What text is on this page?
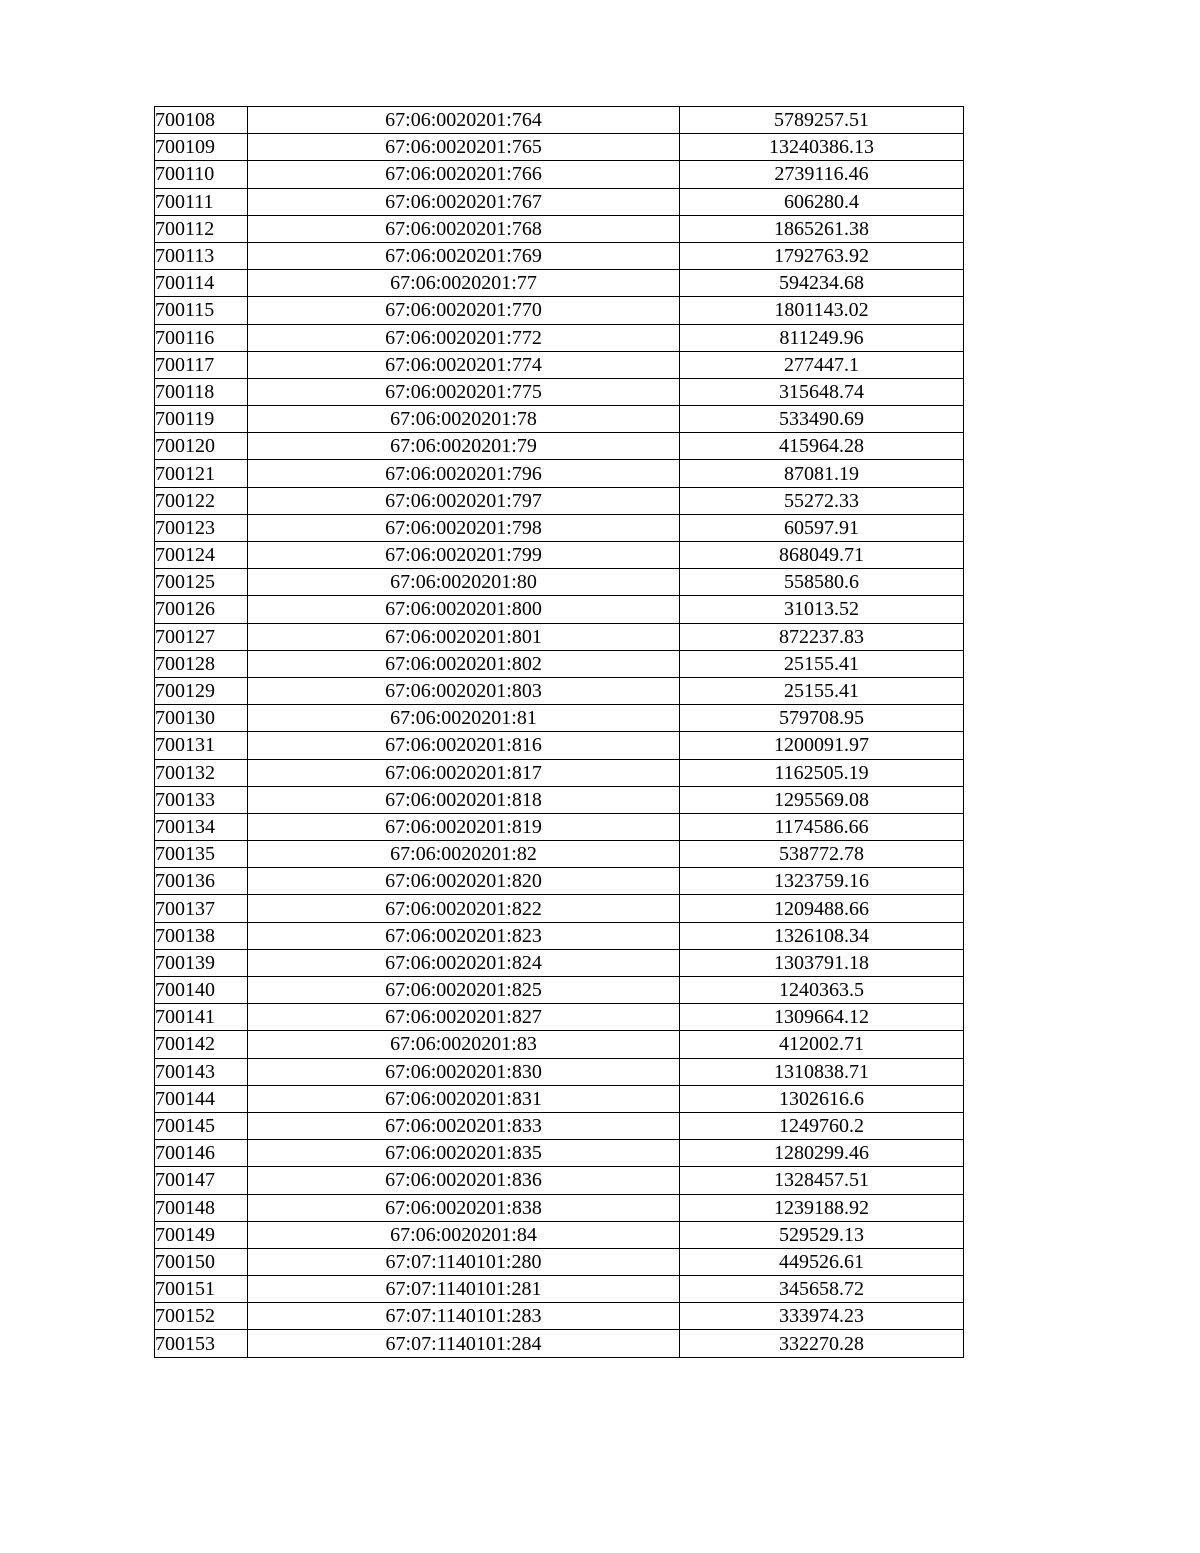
700108	67:06:0020201:764	5789257.51
700109	67:06:0020201:765	13240386.13
700110	67:06:0020201:766	2739116.46
700111	67:06:0020201:767	606280.4
700112	67:06:0020201:768	1865261.38
700113	67:06:0020201:769	1792763.92
700114	67:06:0020201:77	594234.68
700115	67:06:0020201:770	1801143.02
700116	67:06:0020201:772	811249.96
700117	67:06:0020201:774	277447.1
700118	67:06:0020201:775	315648.74
700119	67:06:0020201:78	533490.69
700120	67:06:0020201:79	415964.28
700121	67:06:0020201:796	87081.19
700122	67:06:0020201:797	55272.33
700123	67:06:0020201:798	60597.91
700124	67:06:0020201:799	868049.71
700125	67:06:0020201:80	558580.6
700126	67:06:0020201:800	31013.52
700127	67:06:0020201:801	872237.83
700128	67:06:0020201:802	25155.41
700129	67:06:0020201:803	25155.41
700130	67:06:0020201:81	579708.95
700131	67:06:0020201:816	1200091.97
700132	67:06:0020201:817	1162505.19
700133	67:06:0020201:818	1295569.08
700134	67:06:0020201:819	1174586.66
700135	67:06:0020201:82	538772.78
700136	67:06:0020201:820	1323759.16
700137	67:06:0020201:822	1209488.66
700138	67:06:0020201:823	1326108.34
700139	67:06:0020201:824	1303791.18
700140	67:06:0020201:825	1240363.5
700141	67:06:0020201:827	1309664.12
700142	67:06:0020201:83	412002.71
700143	67:06:0020201:830	1310838.71
700144	67:06:0020201:831	1302616.6
700145	67:06:0020201:833	1249760.2
700146	67:06:0020201:835	1280299.46
700147	67:06:0020201:836	1328457.51
700148	67:06:0020201:838	1239188.92
700149	67:06:0020201:84	529529.13
700150	67:07:1140101:280	449526.61
700151	67:07:1140101:281	345658.72
700152	67:07:1140101:283	333974.23
700153	67:07:1140101:284	332270.28
